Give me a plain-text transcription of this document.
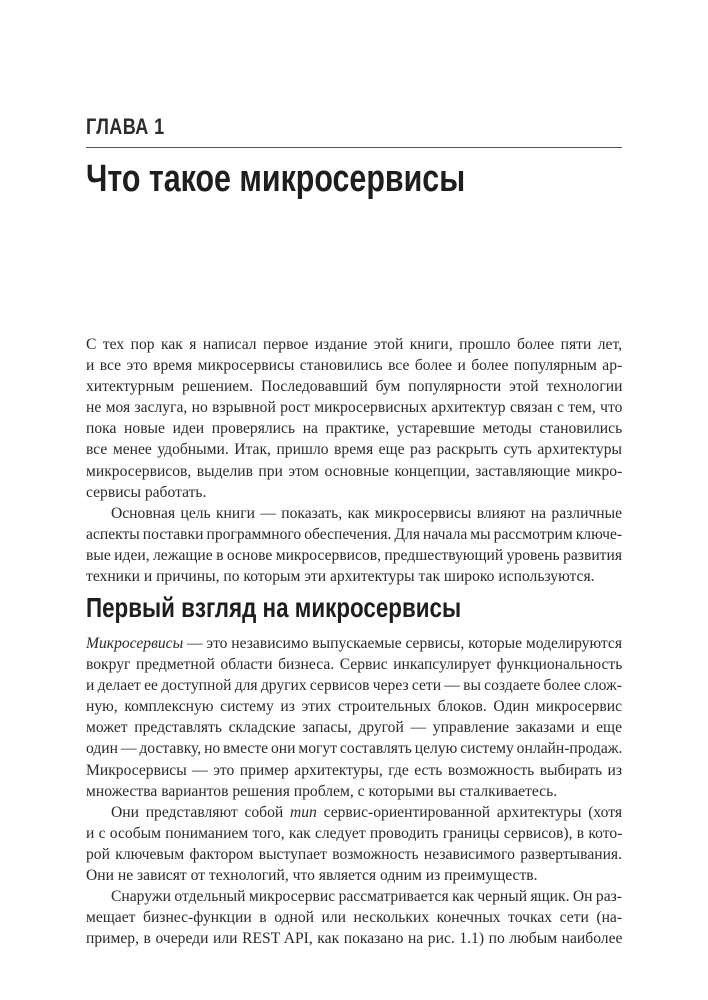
ГЛАВА 1
Что такое микросервисы
С тех пор как я написал первое издание этой книги, прошло более пяти лет,
и все это время микросервисы становились все более и более популярным ар-
хитектурным решением. Последовавший бум популярности этой технологии
не моя заслуга, но взрывной рост микросервисных архитектур связан с тем, что
пока новые идеи проверялись на практике, устаревшие методы становились
все менее удобными. Итак, пришло время еще раз раскрыть суть архитектуры
микросервисов, выделив при этом основные концепции, заставляющие микро-
сервисы работать.
Основная цель книги — показать, как микросервисы влияют на различные
аспекты поставки программного обеспечения. Для начала мы рассмотрим ключе-
вые идеи, лежащие в основе микросервисов, предшествующий уровень развития
техники и причины, по которым эти архитектуры так широко используются.
Первый взгляд на микросервисы
Микросервисы — это независимо выпускаемые сервисы, которые моделируются
вокруг предметной области бизнеса. Сервис инкапсулирует функциональность
и делает ее доступной для других сервисов через сети — вы создаете более слож-
ную, комплексную систему из этих строительных блоков. Один микросервис
может представлять складские запасы, другой — управление заказами и еще
один — доставку, но вместе они могут составлять целую систему онлайн-продаж.
Микросервисы — это пример архитектуры, где есть возможность выбирать из
множества вариантов решения проблем, с которыми вы сталкиваетесь.
Они представляют собой тип сервис-ориентированной архитектуры (хотя
и с особым пониманием того, как следует проводить границы сервисов), в кото-
рой ключевым фактором выступает возможность независимого развертывания.
Они не зависят от технологий, что является одним из преимуществ.
Снаружи отдельный микросервис рассматривается как черный ящик. Он раз-
мещает бизнес-функции в одной или нескольких конечных точках сети (на-
пример, в очереди или REST API, как показано на рис. 1.1) по любым наиболее
